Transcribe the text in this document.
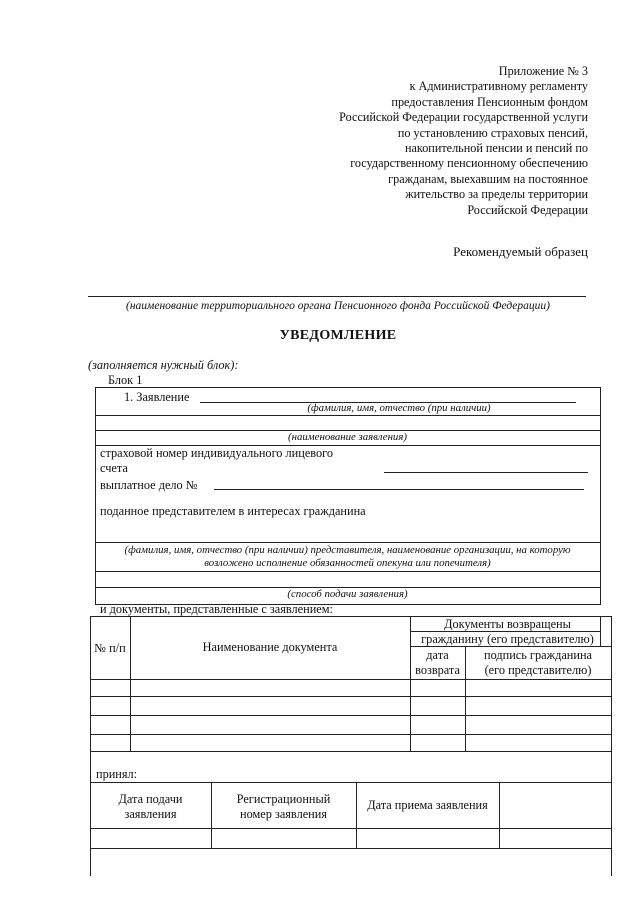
Приложение № 3
к Административному регламенту
предоставления Пенсионным фондом
Российской Федерации государственной услуги
по установлению страховых пенсий,
накопительной пенсии и пенсий по
государственному пенсионному обеспечению
гражданам, выехавшим на постоянное
жительство за пределы территории
Российской Федерации
Рекомендуемый образец
(наименование территориального органа Пенсионного фонда Российской Федерации)
УВЕДОМЛЕНИЕ
(заполняется нужный блок):
Блок 1
1. Заявление
(фамилия, имя, отчество (при наличии)
(наименование заявления)
страховой номер индивидуального лицевого
счета
выплатное дело №
поданное представителем в интересах гражданина
(фамилия, имя, отчество (при наличии) представителя, наименование организации, на которую
возложено исполнение обязанностей опекуна или попечителя)
(способ подачи заявления)
и документы, представленные с заявлением:
№ п/п	Наименование документа
Документы возвращены
гражданину (его представителю)
дата
возврата
подпись гражданина
(его представителю)
принял:
Дата подачи
заявления
Регистрационный
номер заявления
Дата приема заявления
